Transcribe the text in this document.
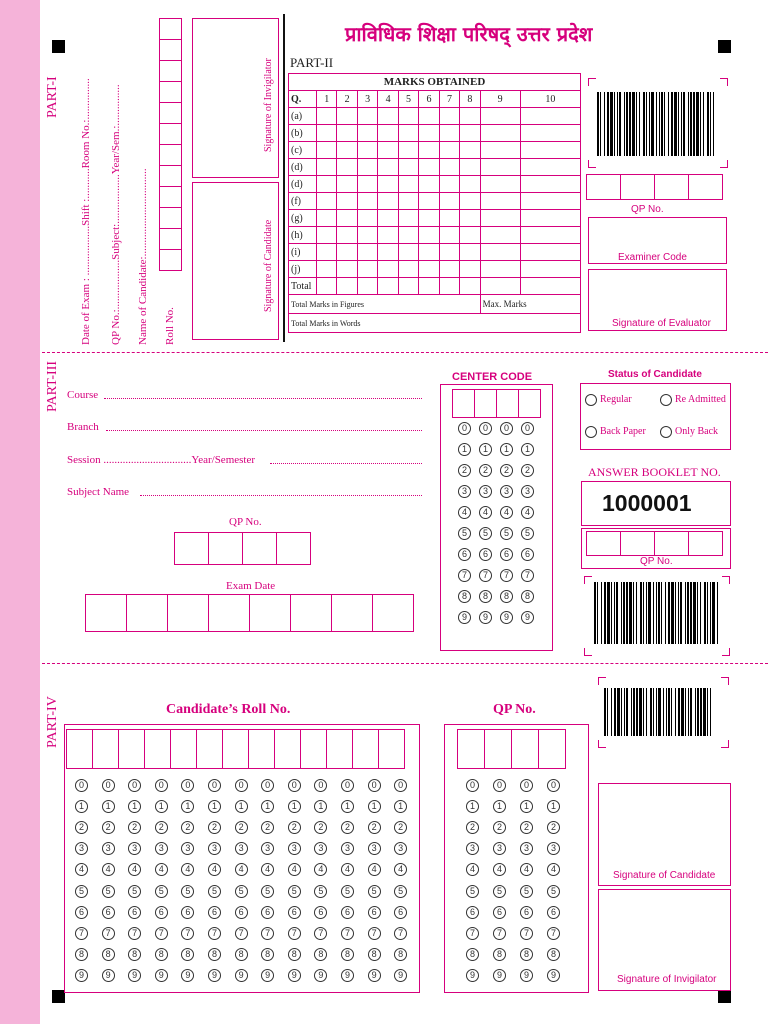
प्राविधिक शिक्षा परिषद् उत्तर प्रदेश
PART-I Date of Exam : ..................Shift :...........Room No.:............... QP No.:..................Subject:..................Year/Sem.:............... Name of Candidate:................................ Roll No.
Signature of Invigilator
Signature of Candidate
PART-II
MARKS OBTAINED										
Q.	1	2	3	4	5	6	7	8	9	10
(a)										
(b)										
(c)										
(d)										
(d)										
(f)										
(g)										
(h)										
(i)										
(j)										
Total										
Total Marks in Figures									Max. Marks	
Total Marks in Words										
QP No.
Examiner Code
Signature of Evaluator
PART-III Course
Branch
Session ................................Year/Semester
Subject Name
QP No.
Exam Date
CENTER CODE
0
1
2
3
4
5
6
7
8
9
0
1
2
3
4
5
6
7
8
9
0
1
2
3
4
5
6
7
8
9
0
1
2
3
4
5
6
7
8
9
Status of Candidate
Regular	Re Admitted
Back Paper	Only Back
ANSWER BOOKLET NO.
1000001
QP No.
PART-IV	Candidate’s Roll No.
0
1
2
3
4
5
6
7
8
9
0
1
2
3
4
5
6
7
8
9
0
1
2
3
4
5
6
7
8
9
0
1
2
3
4
5
6
7
8
9
0
1
2
3
4
5
6
7
8
9
0
1
2
3
4
5
6
7
8
9
0
1
2
3
4
5
6
7
8
9
0
1
2
3
4
5
6
7
8
9
0
1
2
3
4
5
6
7
8
9
0
1
2
3
4
5
6
7
8
9
0
1
2
3
4
5
6
7
8
9
0
1
2
3
4
5
6
7
8
9
0
1
2
3
4
5
6
7
8
9
QP No.
0
1
2
3
4
5
6
7
8
9
0
1
2
3
4
5
6
7
8
9
0
1
2
3
4
5
6
7
8
9
0
1
2
3
4
5
6
7
8
9
Signature of Candidate
Signature of Invigilator
